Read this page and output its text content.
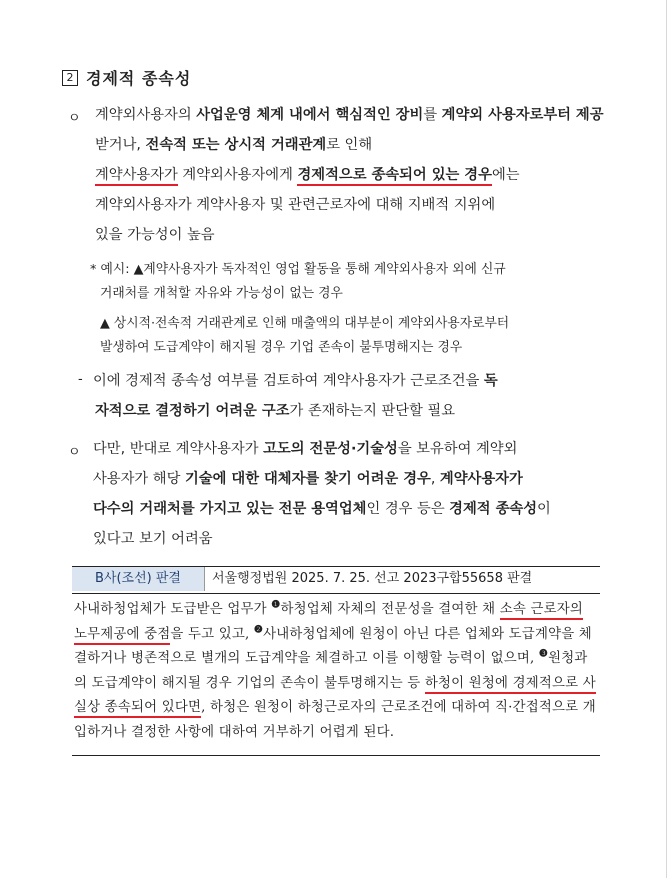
2 경제적 종속성
ㅇ 계약외사용자의 사업운영 체계 내에서 핵심적인 장비를 계약외 사용자로부터 제공받거나, 전속적 또는 상시적 거래관계로 인해
계약사용자가 계약외사용자에게 경제적으로 종속되어 있는 경우에는
계약외사용자가 계약사용자 및 관련근로자에 대해 지배적 지위에
있을 가능성이 높음
* 예시: ▲계약사용자가 독자적인 영업 활동을 통해 계약외사용자 외에 신규
거래처를 개척할 자유와 가능성이 없는 경우
▲ 상시적·전속적 거래관계로 인해 매출액의 대부분이 계약외사용자로부터
발생하여 도급계약이 해지될 경우 기업 존속이 불투명해지는 경우
- 이에 경제적 종속성 여부를 검토하여 계약사용자가 근로조건을 독
자적으로 결정하기 어려운 구조가 존재하는지 판단할 필요
ㅇ 다만, 반대로 계약사용자가 고도의 전문성·기술성을 보유하여 계약외
사용자가 해당 기술에 대한 대체자를 찾기 어려운 경우, 계약사용자가
다수의 거래처를 가지고 있는 전문 용역업체인 경우 등은 경제적 종속성이
있다고 보기 어려움
B사(조선) 판결	서울행정법원 2025. 7. 25. 선고 2023구합55658 판결
사내하청업체가 도급받은 업무가 $^❶$하청업체 자체의 전문성을 결여한 채 소속 근로자의 노무제공에 중점을 두고 있고, $^❷$사내하청업체에 원청이 아닌 다른 업체와 도급계약을 체결하거나 병존적으로 별개의 도급계약을 체결하고 이를 이행할 능력이 없으며, $^❸$원청과의 도급계약이 해지될 경우 기업의 존속이 불투명해지는 등 하청이 원청에 경제적으로 사실상 종속되어 있다면, 하청은 원청이 하청근로자의 근로조건에 대하여 직·간접적으로 개입하거나 결정한 사항에 대하여 거부하기 어렵게 된다.
